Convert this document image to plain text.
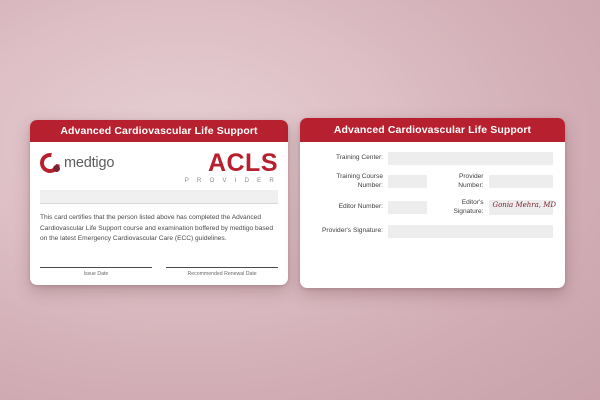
Advanced Cardiovascular Life Support
medtigo	ACLS
P R O V I D E R
This card certifies that the person listed above has completed the Advanced Cardiovascular Life Support course and examination boffered by medtigo based on the latest Emergency Cardiovascular Care (ECC) guidelines.
Issue Date	Recommended Renewal Date
Advanced Cardiovascular Life Support
Training Center:
Training Course Number:
Provider Number:
Editor Number:
Editor's Signature:
Gonia Mehra, MD
Provider's Signature:
